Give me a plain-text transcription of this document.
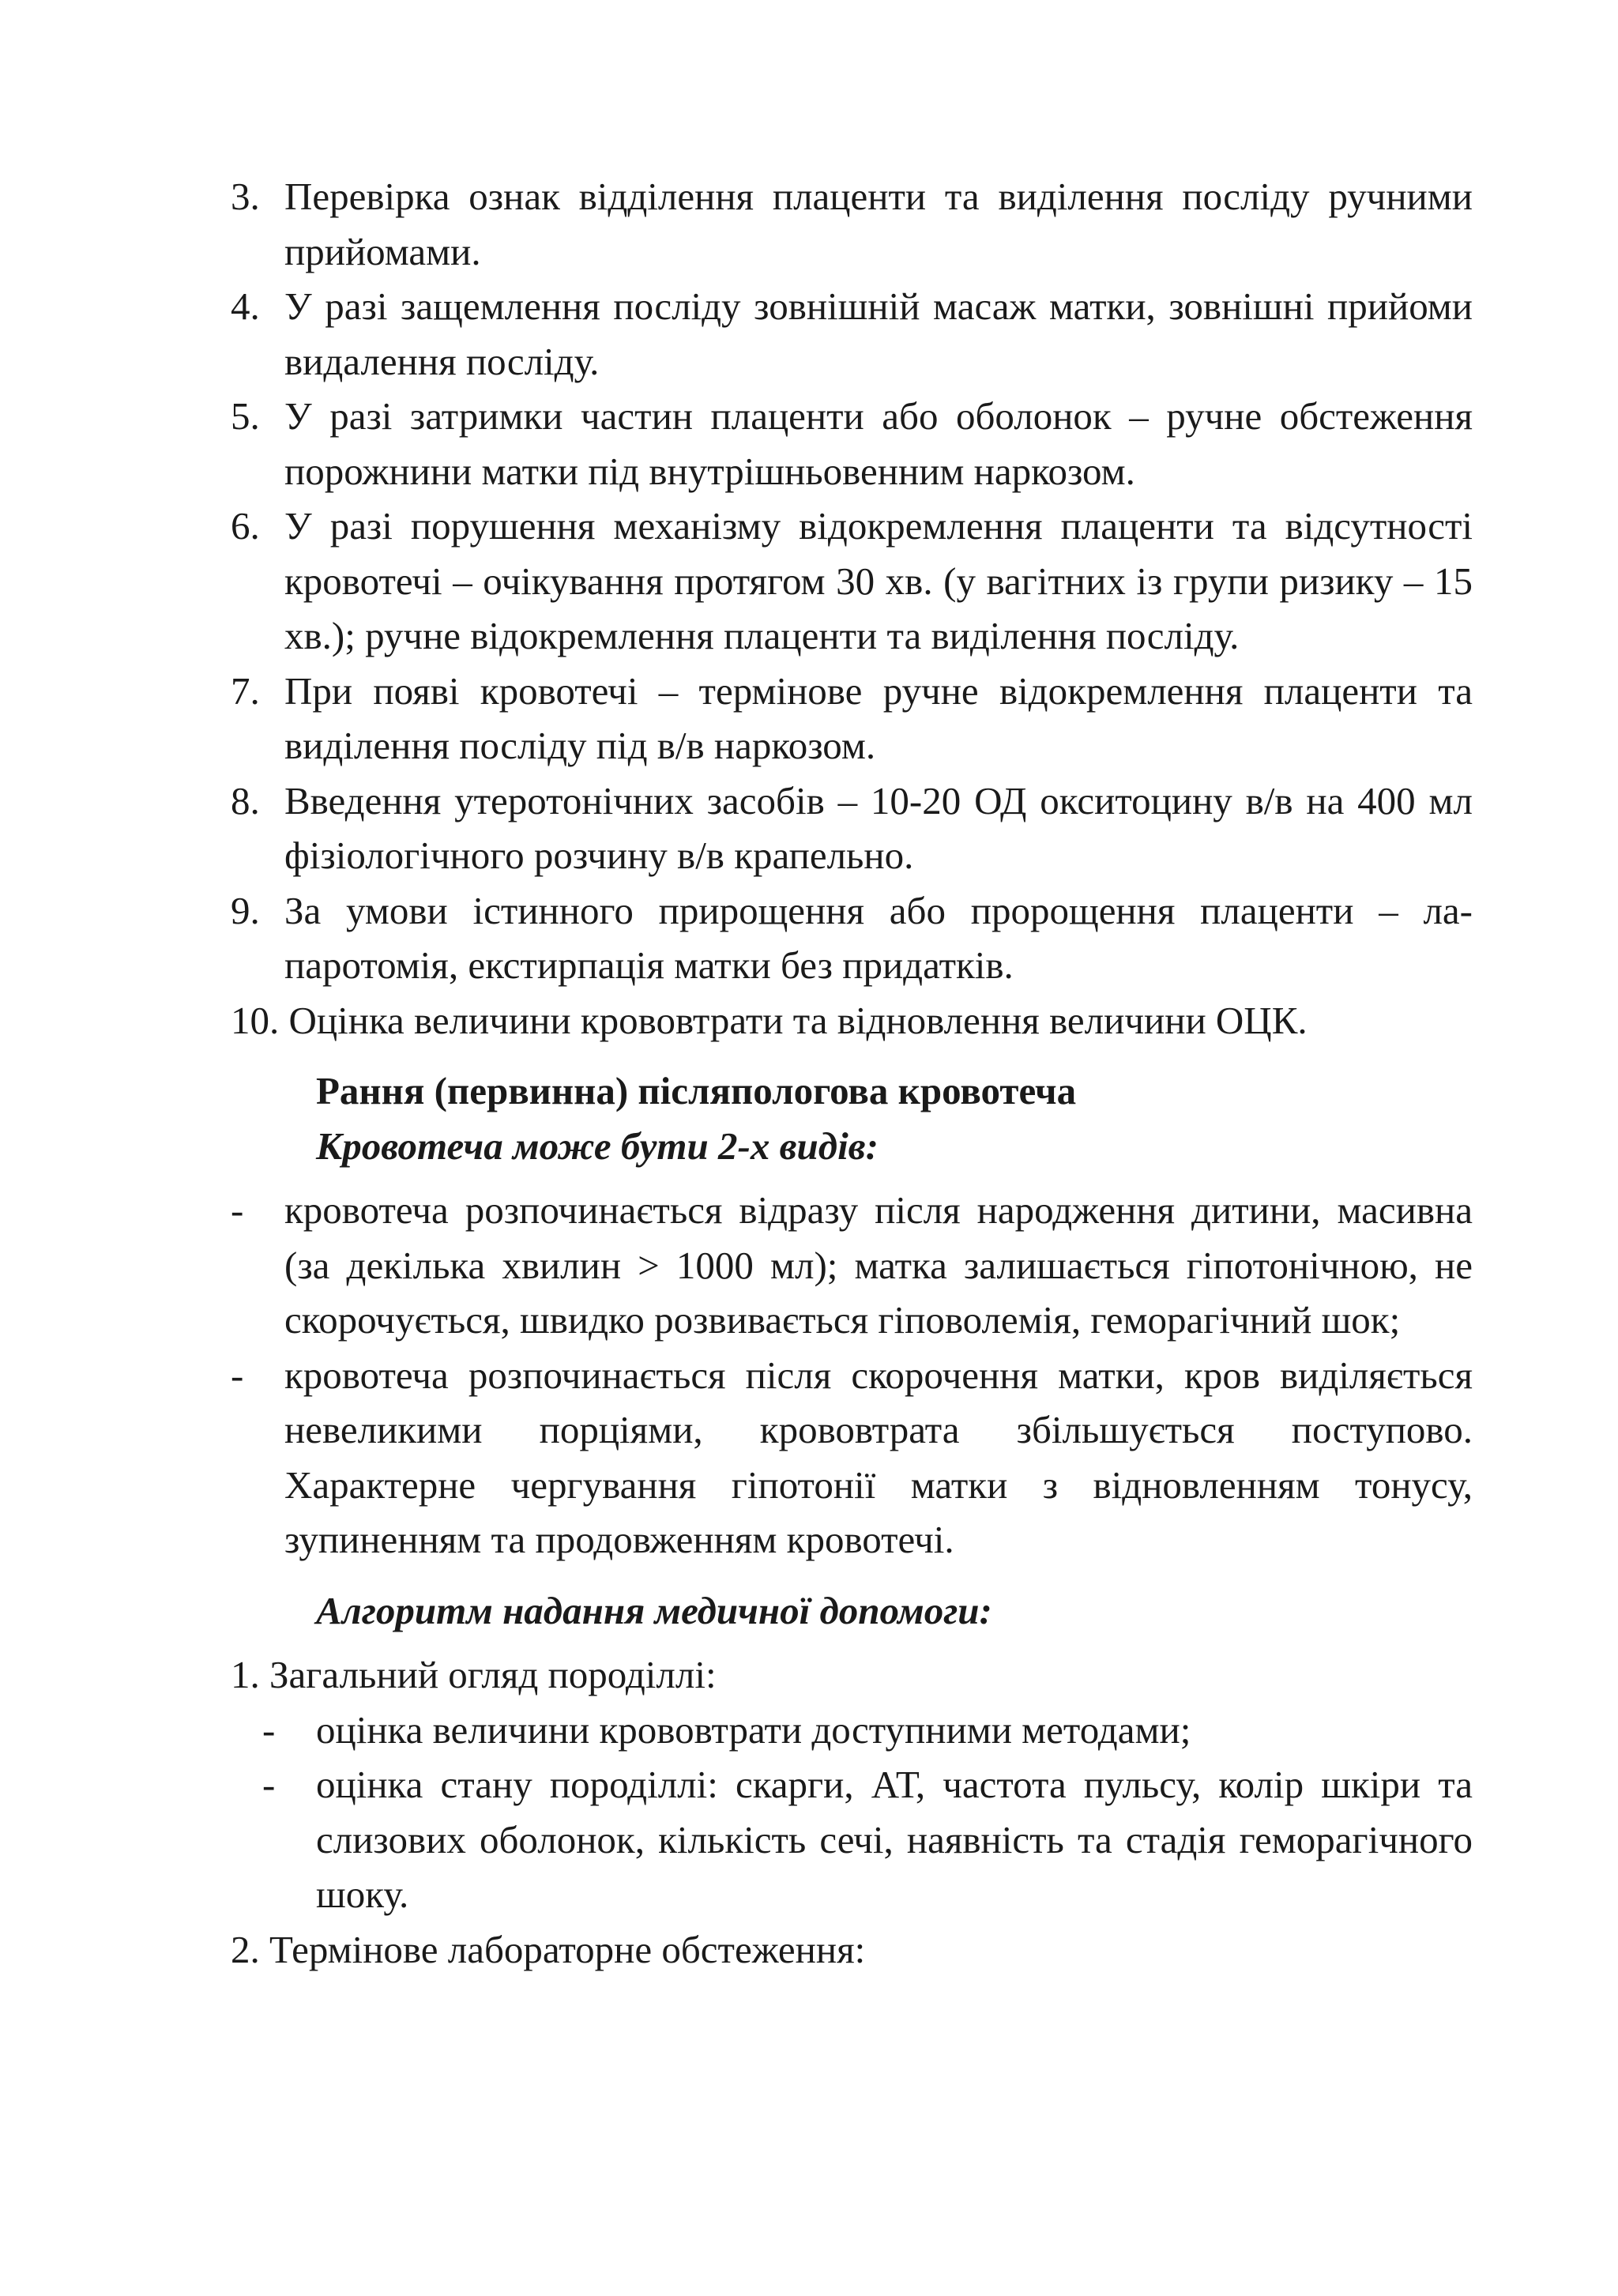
3. Перевірка ознак відділення плаценти та виділення посліду ручними прийомами.
4. У разі защемлення посліду зовнішній масаж матки, зовнішні прийоми видалення посліду.
5. У разі затримки частин плаценти або оболонок – ручне обстеження порожнини матки під внутрішньовенним наркозом.
6. У разі порушення механізму відокремлення плаценти та відсутності кровотечі – очікування протягом 30 хв. (у вагітних із групи ризику – 15 хв.); ручне відокремлення плаценти та виділення посліду.
7. При появі кровотечі – термінове ручне відокремлення плаценти та виділення посліду під в/в наркозом.
8. Введення утеротонічних засобів – 10-20 ОД окситоцину в/в на 400 мл фізіологічного розчину в/в крапельно.
9. За умови істинного прирощення або пророщення плаценти – лапаротомія, екстирпація матки без придатків.
10. Оцінка величини крововтрати та відновлення величини ОЦК.
Рання (первинна) післяпологова кровотеча
Кровотеча може бути 2-х видів:
- кровотеча розпочинається відразу після народження дитини, масивна (за декілька хвилин > 1000 мл); матка залишається гіпотонічною, не скорочується, швидко розвивається гіповолемія, геморагічний шок;
- кровотеча розпочинається після скорочення матки, кров виділяється невеликими порціями, крововтрата збільшується поступово. Характерне чергування гіпотонії матки з відновленням тонусу, зупиненням та продовженням кровотечі.
Алгоритм надання медичної допомоги:
1. Загальний огляд породіллі:
- оцінка величини крововтрати доступними методами;
- оцінка стану породіллі: скарги, АТ, частота пульсу, колір шкіри та слизових оболонок, кількість сечі, наявність та стадія геморагічного шоку.
2. Термінове лабораторне обстеження:
